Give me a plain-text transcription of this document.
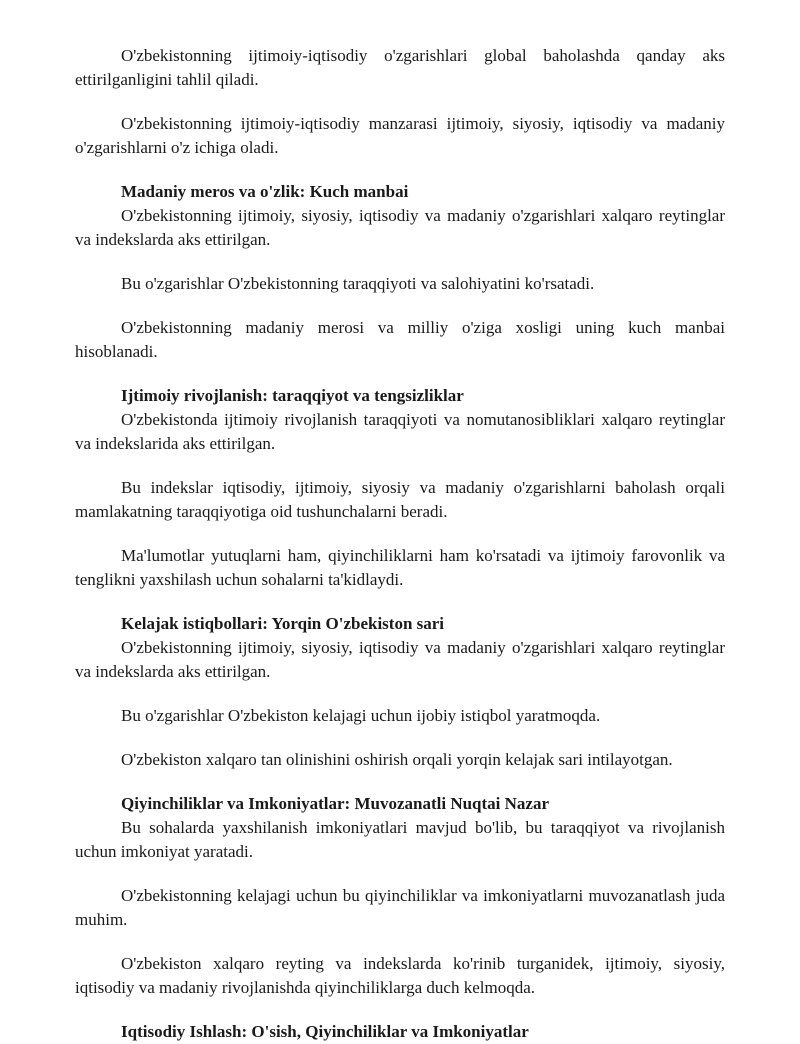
O'zbekistonning ijtimoiy-iqtisodiy o'zgarishlari global baholashda qanday aks ettirilganligini tahlil qiladi.

O'zbekistonning ijtimoiy-iqtisodiy manzarasi ijtimoiy, siyosiy, iqtisodiy va madaniy o'zgarishlarni o'z ichiga oladi.

Madaniy meros va o'zlik: Kuch manbai

O'zbekistonning ijtimoiy, siyosiy, iqtisodiy va madaniy o'zgarishlari xalqaro reytinglar va indekslarda aks ettirilgan.

Bu o'zgarishlar O'zbekistonning taraqqiyoti va salohiyatini ko'rsatadi.

O'zbekistonning madaniy merosi va milliy o'ziga xosligi uning kuch manbai hisoblanadi.

Ijtimoiy rivojlanish: taraqqiyot va tengsizliklar

O'zbekistonda ijtimoiy rivojlanish taraqqiyoti va nomutanosibliklari xalqaro reytinglar va indekslarida aks ettirilgan.

Bu indekslar iqtisodiy, ijtimoiy, siyosiy va madaniy o'zgarishlarni baholash orqali mamlakatning taraqqiyotiga oid tushunchalarni beradi.

Ma'lumotlar yutuqlarni ham, qiyinchiliklarni ham ko'rsatadi va ijtimoiy farovonlik va tenglikni yaxshilash uchun sohalarni ta'kidlaydi.

Kelajak istiqbollari: Yorqin O'zbekiston sari

O'zbekistonning ijtimoiy, siyosiy, iqtisodiy va madaniy o'zgarishlari xalqaro reytinglar va indekslarda aks ettirilgan.

Bu o'zgarishlar O'zbekiston kelajagi uchun ijobiy istiqbol yaratmoqda.

O'zbekiston xalqaro tan olinishini oshirish orqali yorqin kelajak sari intilayotgan.

Qiyinchiliklar va Imkoniyatlar: Muvozanatli Nuqtai Nazar

Bu sohalarda yaxshilanish imkoniyatlari mavjud bo'lib, bu taraqqiyot va rivojlanish uchun imkoniyat yaratadi.

O'zbekistonning kelajagi uchun bu qiyinchiliklar va imkoniyatlarni muvozanatlash juda muhim.

O'zbekiston xalqaro reyting va indekslarda ko'rinib turganidek, ijtimoiy, siyosiy, iqtisodiy va madaniy rivojlanishda qiyinchiliklarga duch kelmoqda.

Iqtisodiy Ishlash: O'sish, Qiyinchiliklar va Imkoniyatlar
